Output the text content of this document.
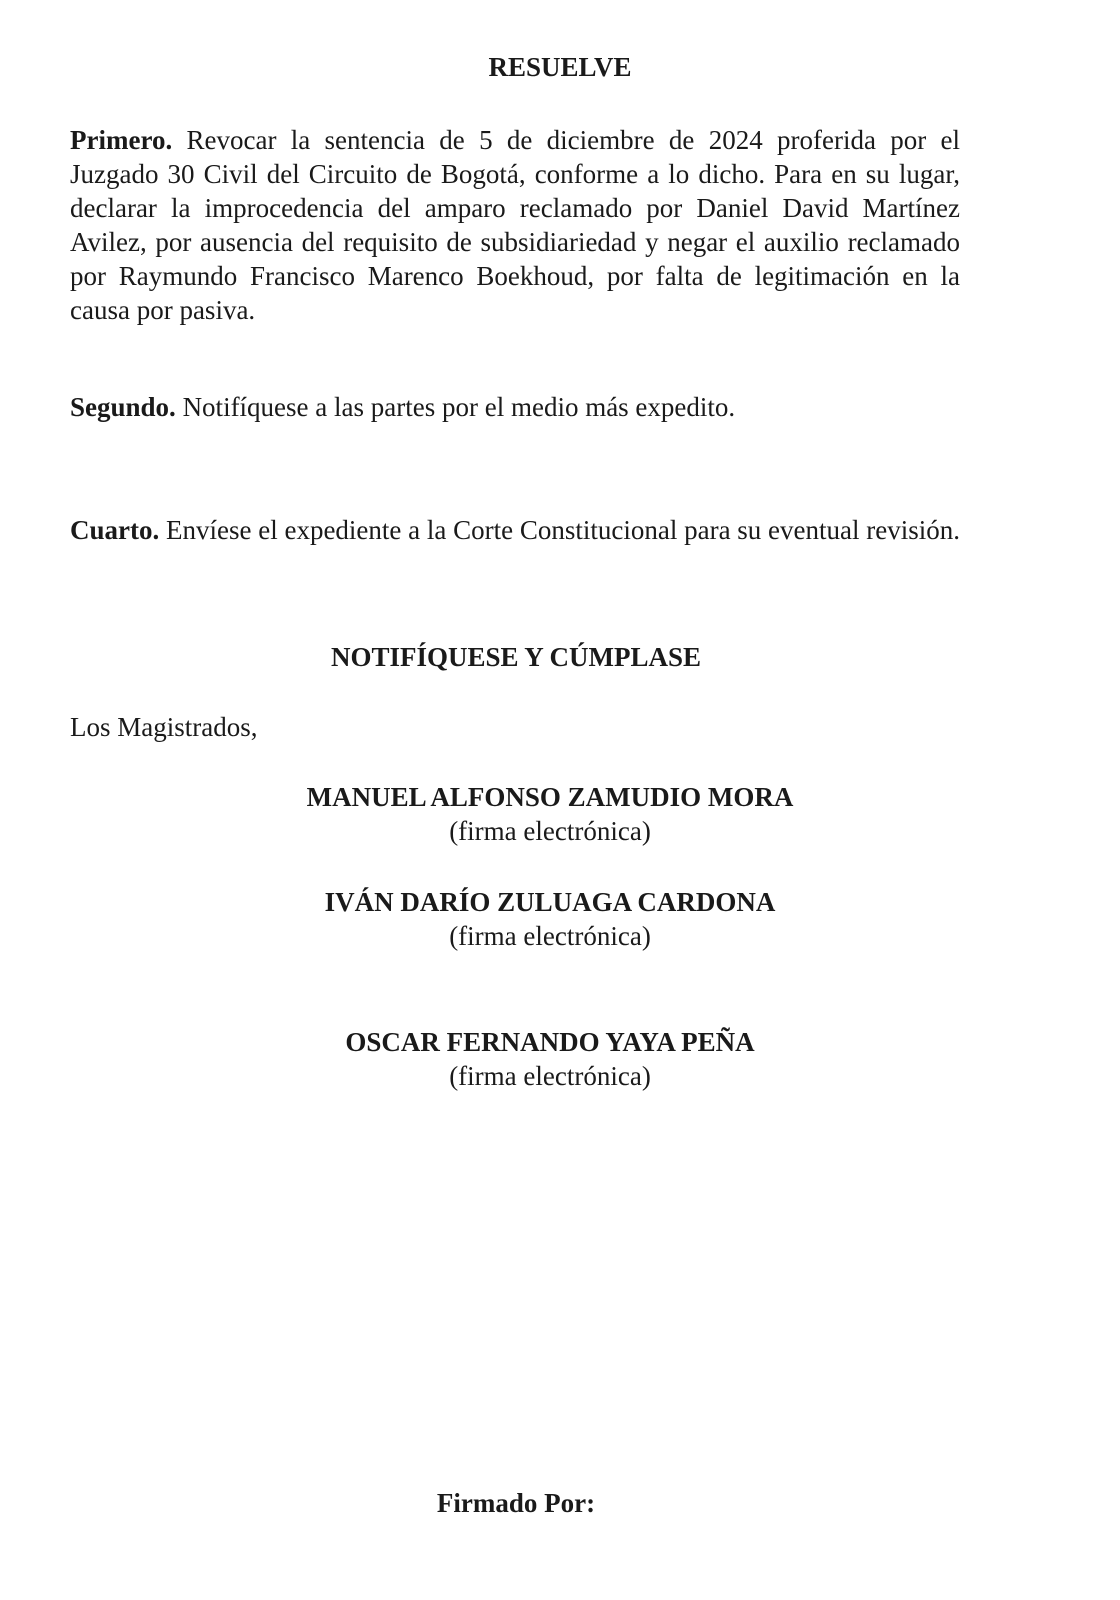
RESUELVE
Primero. Revocar la sentencia de 5 de diciembre de 2024 proferida por el Juzgado 30 Civil del Circuito de Bogotá, conforme a lo dicho. Para en su lugar, declarar la improcedencia del amparo reclamado por Daniel David Martínez Avilez, por ausencia del requisito de subsidiariedad y negar el auxilio reclamado por Raymundo Francisco Marenco Boekhoud, por falta de legitimación en la causa por pasiva.
Segundo. Notifíquese a las partes por el medio más expedito.
Cuarto. Envíese el expediente a la Corte Constitucional para su eventual revisión.
NOTIFÍQUESE Y CÚMPLASE
Los Magistrados,
MANUEL ALFONSO ZAMUDIO MORA
(firma electrónica)
IVÁN DARÍO ZULUAGA CARDONA
(firma electrónica)
OSCAR FERNANDO YAYA PEÑA
(firma electrónica)
Firmado Por:
